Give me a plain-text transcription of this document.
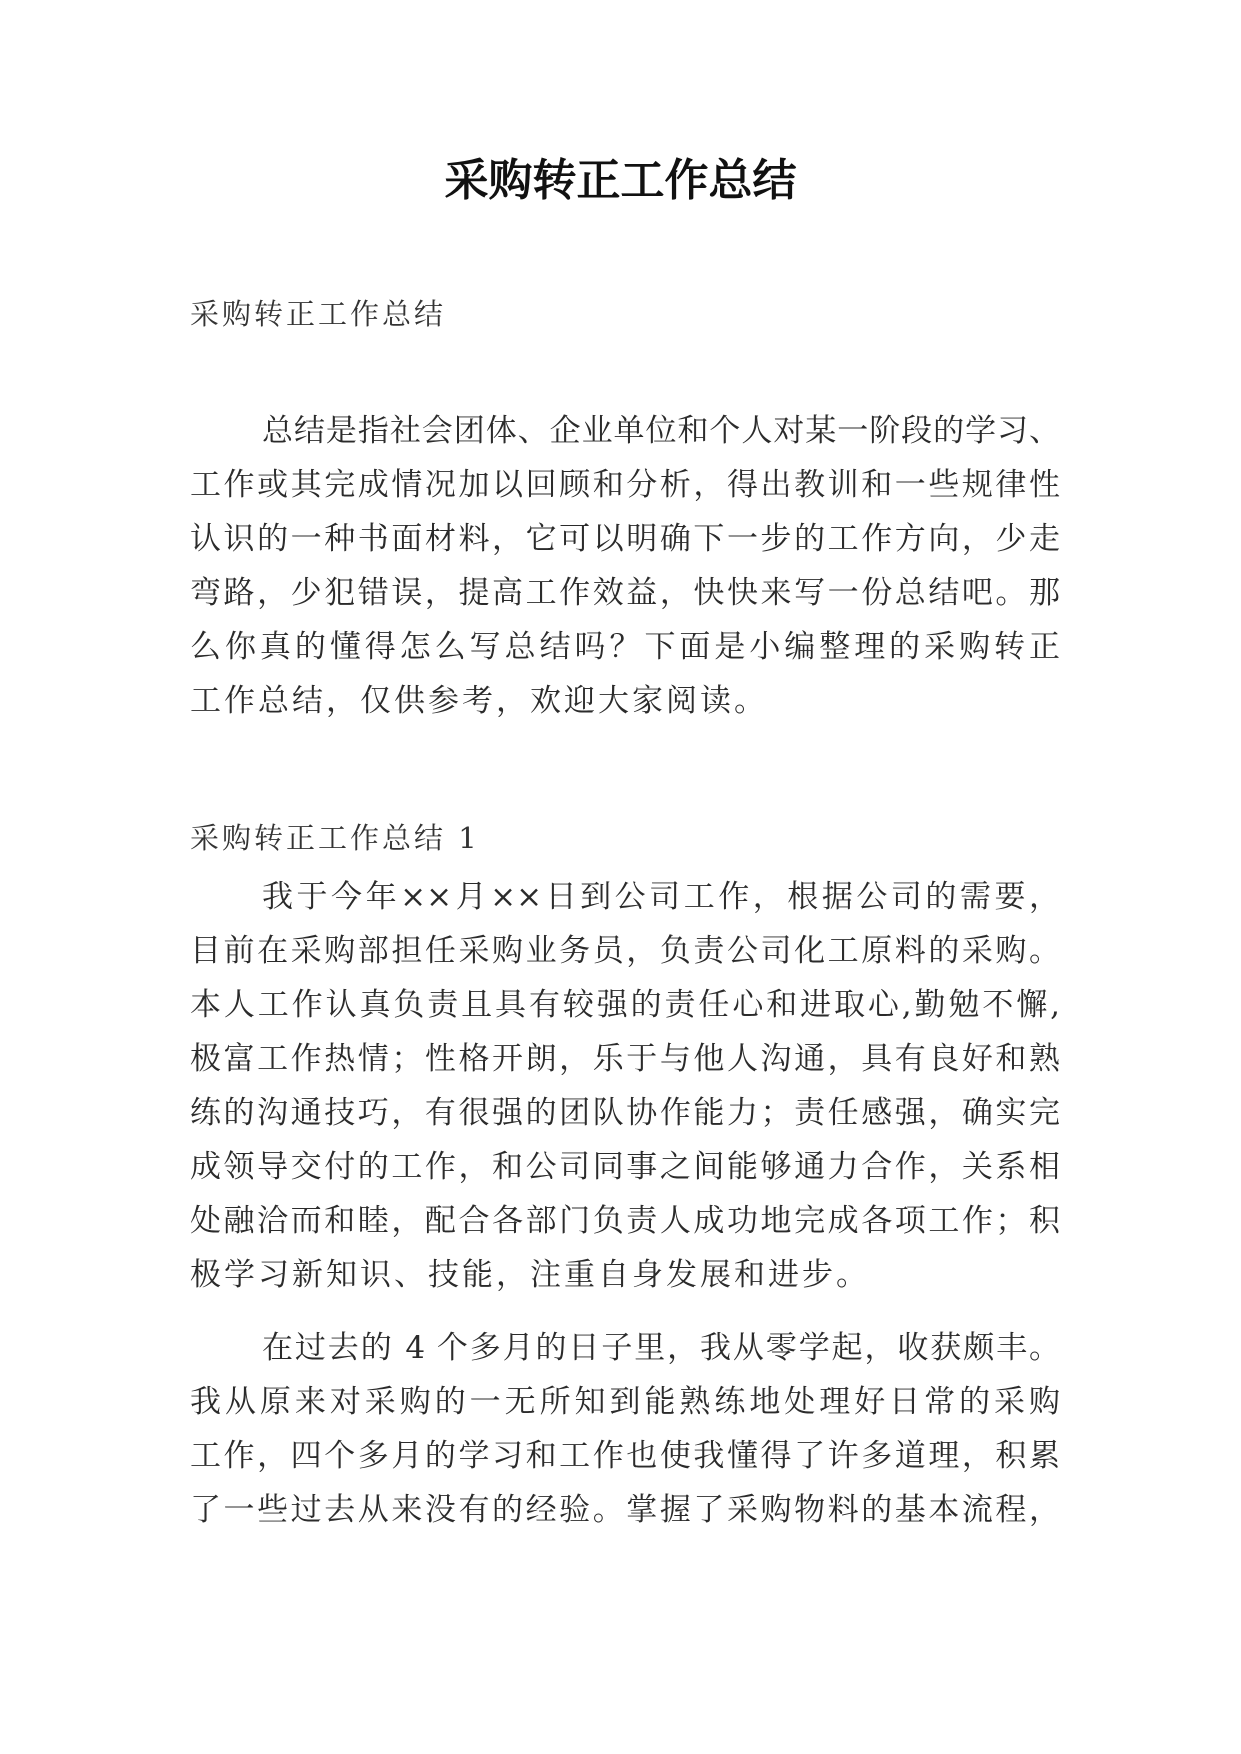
采购转正工作总结
采购转正工作总结
总结是指社会团体、企业单位和个人对某一阶段的学习、
工作或其完成情况加以回顾和分析，得出教训和一些规律性
认识的一种书面材料，它可以明确下一步的工作方向，少走
弯路，少犯错误，提高工作效益，快快来写一份总结吧。那
么你真的懂得怎么写总结吗？下面是小编整理的采购转正
工作总结，仅供参考，欢迎大家阅读。
采购转正工作总结 1
我于今年××月××日到公司工作，根据公司的需要，
目前在采购部担任采购业务员，负责公司化工原料的采购。
本人工作认真负责且具有较强的责任心和进取心,勤勉不懈,
极富工作热情；性格开朗，乐于与他人沟通，具有良好和熟
练的沟通技巧，有很强的团队协作能力；责任感强，确实完
成领导交付的工作，和公司同事之间能够通力合作，关系相
处融洽而和睦，配合各部门负责人成功地完成各项工作；积
极学习新知识、技能，注重自身发展和进步。
在过去的 4 个多月的日子里，我从零学起，收获颇丰。
我从原来对采购的一无所知到能熟练地处理好日常的采购
工作，四个多月的学习和工作也使我懂得了许多道理，积累
了一些过去从来没有的经验。掌握了采购物料的基本流程，
